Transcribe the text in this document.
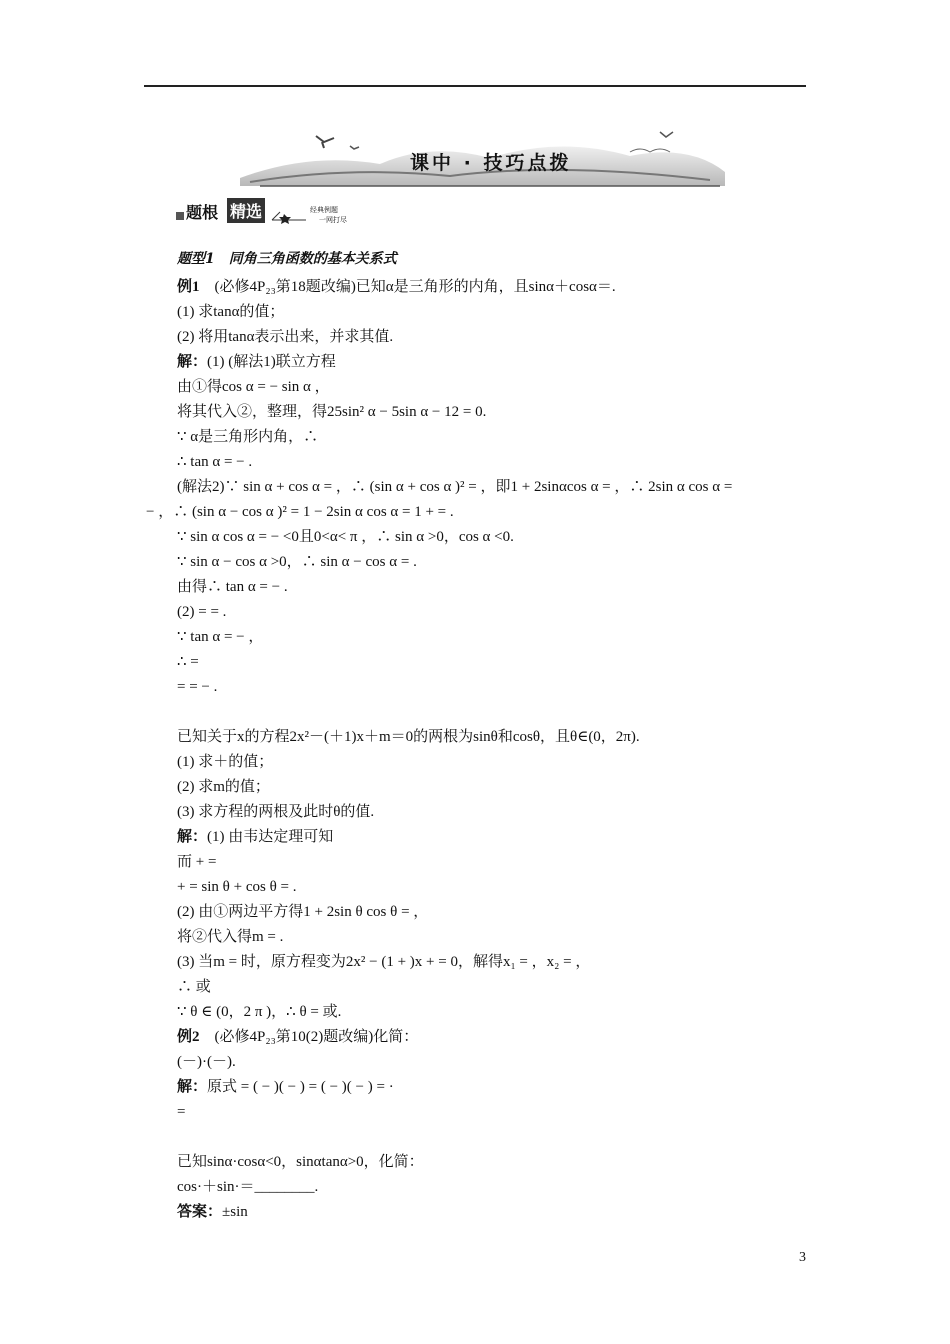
课中 · 技巧点拨
题根 精选	经典例题
一网打尽
题型1　同角三角函数的基本关系式
例1　(必修4P₂₃第18题改编)已知α是三角形的内角，且sinα＋cosα＝.
(1) 求tanα的值；
(2) 将用tanα表示出来，并求其值.
解：(1) (解法1)联立方程
由①得cos α = − sin α ，
将其代入②，整理，得25sin² α − 5sin α − 12 = 0.
∵ α是三角形内角，∴
∴ tan α = − .
(解法2)∵ sin α + cos α = ，∴ (sin α + cos α )² = ，即1 + 2sinαcos α = ，∴ 2sin α cos α =
− ，∴ (sin α − cos α )² = 1 − 2sin α cos α = 1 + = .
∵ sin α cos α = − <0且0<α< π ，∴ sin α >0，cos α <0.
∵ sin α − cos α >0，∴ sin α − cos α = .
由得∴ tan α = − .
(2) = = .
∵ tan α = − ，
∴ =
= = − .
已知关于x的方程2x²－(＋1)x＋m＝0的两根为sinθ和cosθ，且θ∈(0，2π).
(1) 求＋的值；
(2) 求m的值；
(3) 求方程的两根及此时θ的值.
解：(1) 由韦达定理可知
而 + =
+ = sin θ + cos θ = .
(2) 由①两边平方得1 + 2sin θ cos θ = ，
将②代入得m = .
(3) 当m = 时，原方程变为2x² − (1 + )x + = 0，解得x₁ = ，x₂ = ，
∴ 或
∵ θ ∈ (0，2 π )，∴ θ = 或.
例2　(必修4P₂₃第10(2)题改编)化简：
(－)·(－).
解：原式 = ( − )( − ) = ( − )( − ) = ·
=
已知sinα·cosα<0，sinαtanα>0，化简：
cos·＋sin·＝________.
答案：±sin
3
